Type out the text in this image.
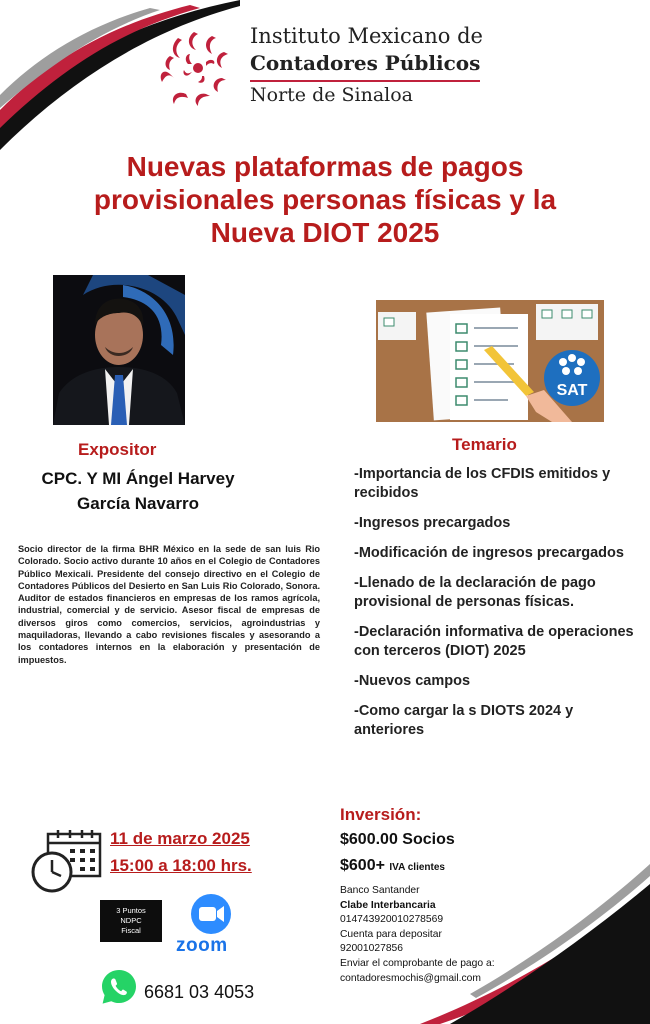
Instituto Mexicano de
Contadores Públicos
Norte de Sinaloa
Nuevas plataformas de pagos
provisionales personas físicas y la
Nueva DIOT 2025
SAT
Expositor
CPC. Y MI Ángel Harvey
García Navarro

Socio director de la firma BHR México en la sede de san luis Rio Colorado. Socio activo durante 10 años en el Colegio de Contadores Público Mexicali. Presidente del consejo directivo en el Colegio de Contadores Públicos del Desierto en San Luis Rio Colorado, Sonora. Auditor de estados financieros en empresas de los ramos agrícola, industrial, comercial y de servicio. Asesor fiscal de empresas de diversos giros como comercios, servicios, agroindustrias y maquiladoras, llevando a cabo revisiones fiscales y asesorando a los contadores internos en la elaboración y presentación de impuestos.

Temario
-Importancia de los CFDIS emitidos y recibidos
-Ingresos precargados
-Modificación de ingresos precargados
-Llenado de la declaración de pago provisional de personas físicas.
-Declaración informativa de operaciones con terceros (DIOT) 2025
-Nuevos campos
-Como cargar la s DIOTS 2024 y anteriores
11 de marzo 2025
15:00 a 18:00 hrs.
3 Puntos
NDPC
Fiscal
zoom
6681 03 4053
Inversión:
$600.00 Socios
$600+ IVA clientes
Banco Santander
Clabe Interbancaria
014743920010278569
Cuenta para depositar
92001027856
Enviar el comprobante de pago a:
contadoresmochis@gmail.com
